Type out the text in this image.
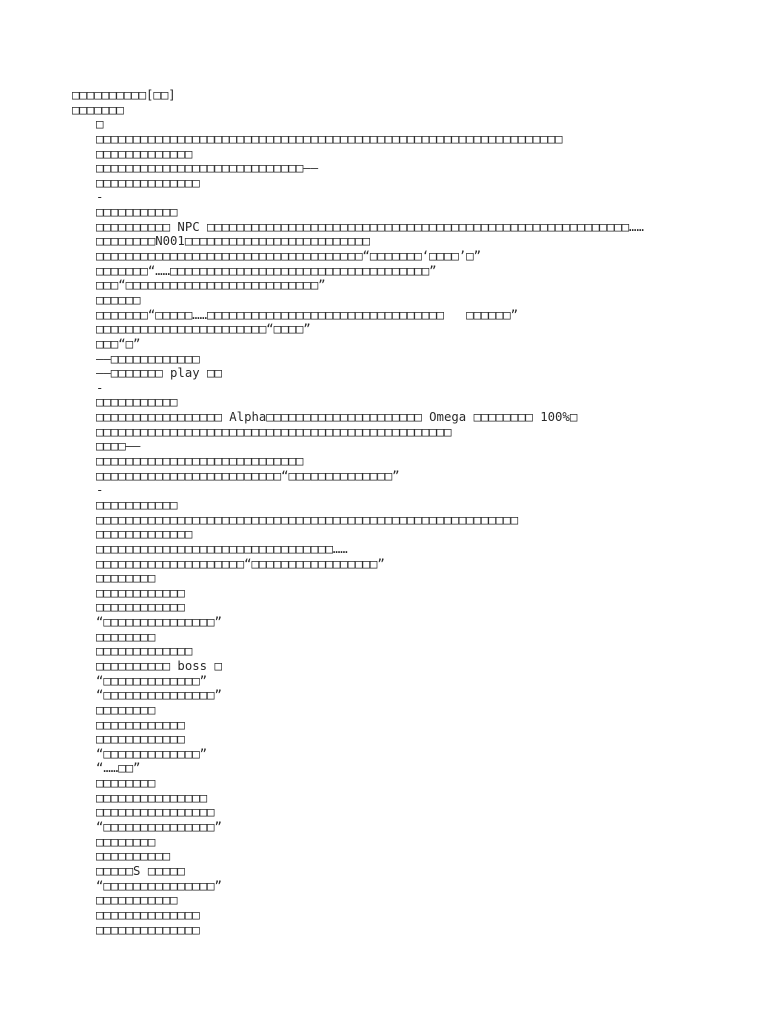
□□□□□□□□□□[□□]
□□□□□□□
□
□□□□□□□□□□□□□□□□□□□□□□□□□□□□□□□□□□□□□□□□□□□□□□□□□□□□□□□□□□□□□□□
□□□□□□□□□□□□□
□□□□□□□□□□□□□□□□□□□□□□□□□□□□——
□□□□□□□□□□□□□□
-
□□□□□□□□□□□
□□□□□□□□□□ NPC □□□□□□□□□□□□□□□□□□□□□□□□□□□□□□□□□□□□□□□□□□□□□□□□□□□□□□□□□……
□□□□□□□□N001□□□□□□□□□□□□□□□□□□□□□□□□□
□□□□□□□□□□□□□□□□□□□□□□□□□□□□□□□□□□□□“□□□□□□□‘□□□□’□”
□□□□□□□“……□□□□□□□□□□□□□□□□□□□□□□□□□□□□□□□□□□□”
□□□“□□□□□□□□□□□□□□□□□□□□□□□□□□”
□□□□□□
□□□□□□□“□□□□□……□□□□□□□□□□□□□□□□□□□□□□□□□□□□□□□□   □□□□□□”
□□□□□□□□□□□□□□□□□□□□□□□“□□□□”
□□□“□”
——□□□□□□□□□□□□
——□□□□□□□ play □□
-
□□□□□□□□□□□
□□□□□□□□□□□□□□□□□ Alpha□□□□□□□□□□□□□□□□□□□□□ Omega □□□□□□□□ 100%□
□□□□□□□□□□□□□□□□□□□□□□□□□□□□□□□□□□□□□□□□□□□□□□□□
□□□□——
□□□□□□□□□□□□□□□□□□□□□□□□□□□□
□□□□□□□□□□□□□□□□□□□□□□□□□“□□□□□□□□□□□□□□”
-
□□□□□□□□□□□
□□□□□□□□□□□□□□□□□□□□□□□□□□□□□□□□□□□□□□□□□□□□□□□□□□□□□□□□□
□□□□□□□□□□□□□
□□□□□□□□□□□□□□□□□□□□□□□□□□□□□□□□……
□□□□□□□□□□□□□□□□□□□□“□□□□□□□□□□□□□□□□□”
□□□□□□□□
□□□□□□□□□□□□
□□□□□□□□□□□□
“□□□□□□□□□□□□□□□”
□□□□□□□□
□□□□□□□□□□□□□
□□□□□□□□□□ boss □
“□□□□□□□□□□□□□”
“□□□□□□□□□□□□□□□”
□□□□□□□□
□□□□□□□□□□□□
□□□□□□□□□□□□
“□□□□□□□□□□□□□”
“……□□”
□□□□□□□□
□□□□□□□□□□□□□□□
□□□□□□□□□□□□□□□□
“□□□□□□□□□□□□□□□”
□□□□□□□□
□□□□□□□□□□
□□□□□S □□□□□
“□□□□□□□□□□□□□□□”
□□□□□□□□□□□
□□□□□□□□□□□□□□
□□□□□□□□□□□□□□
